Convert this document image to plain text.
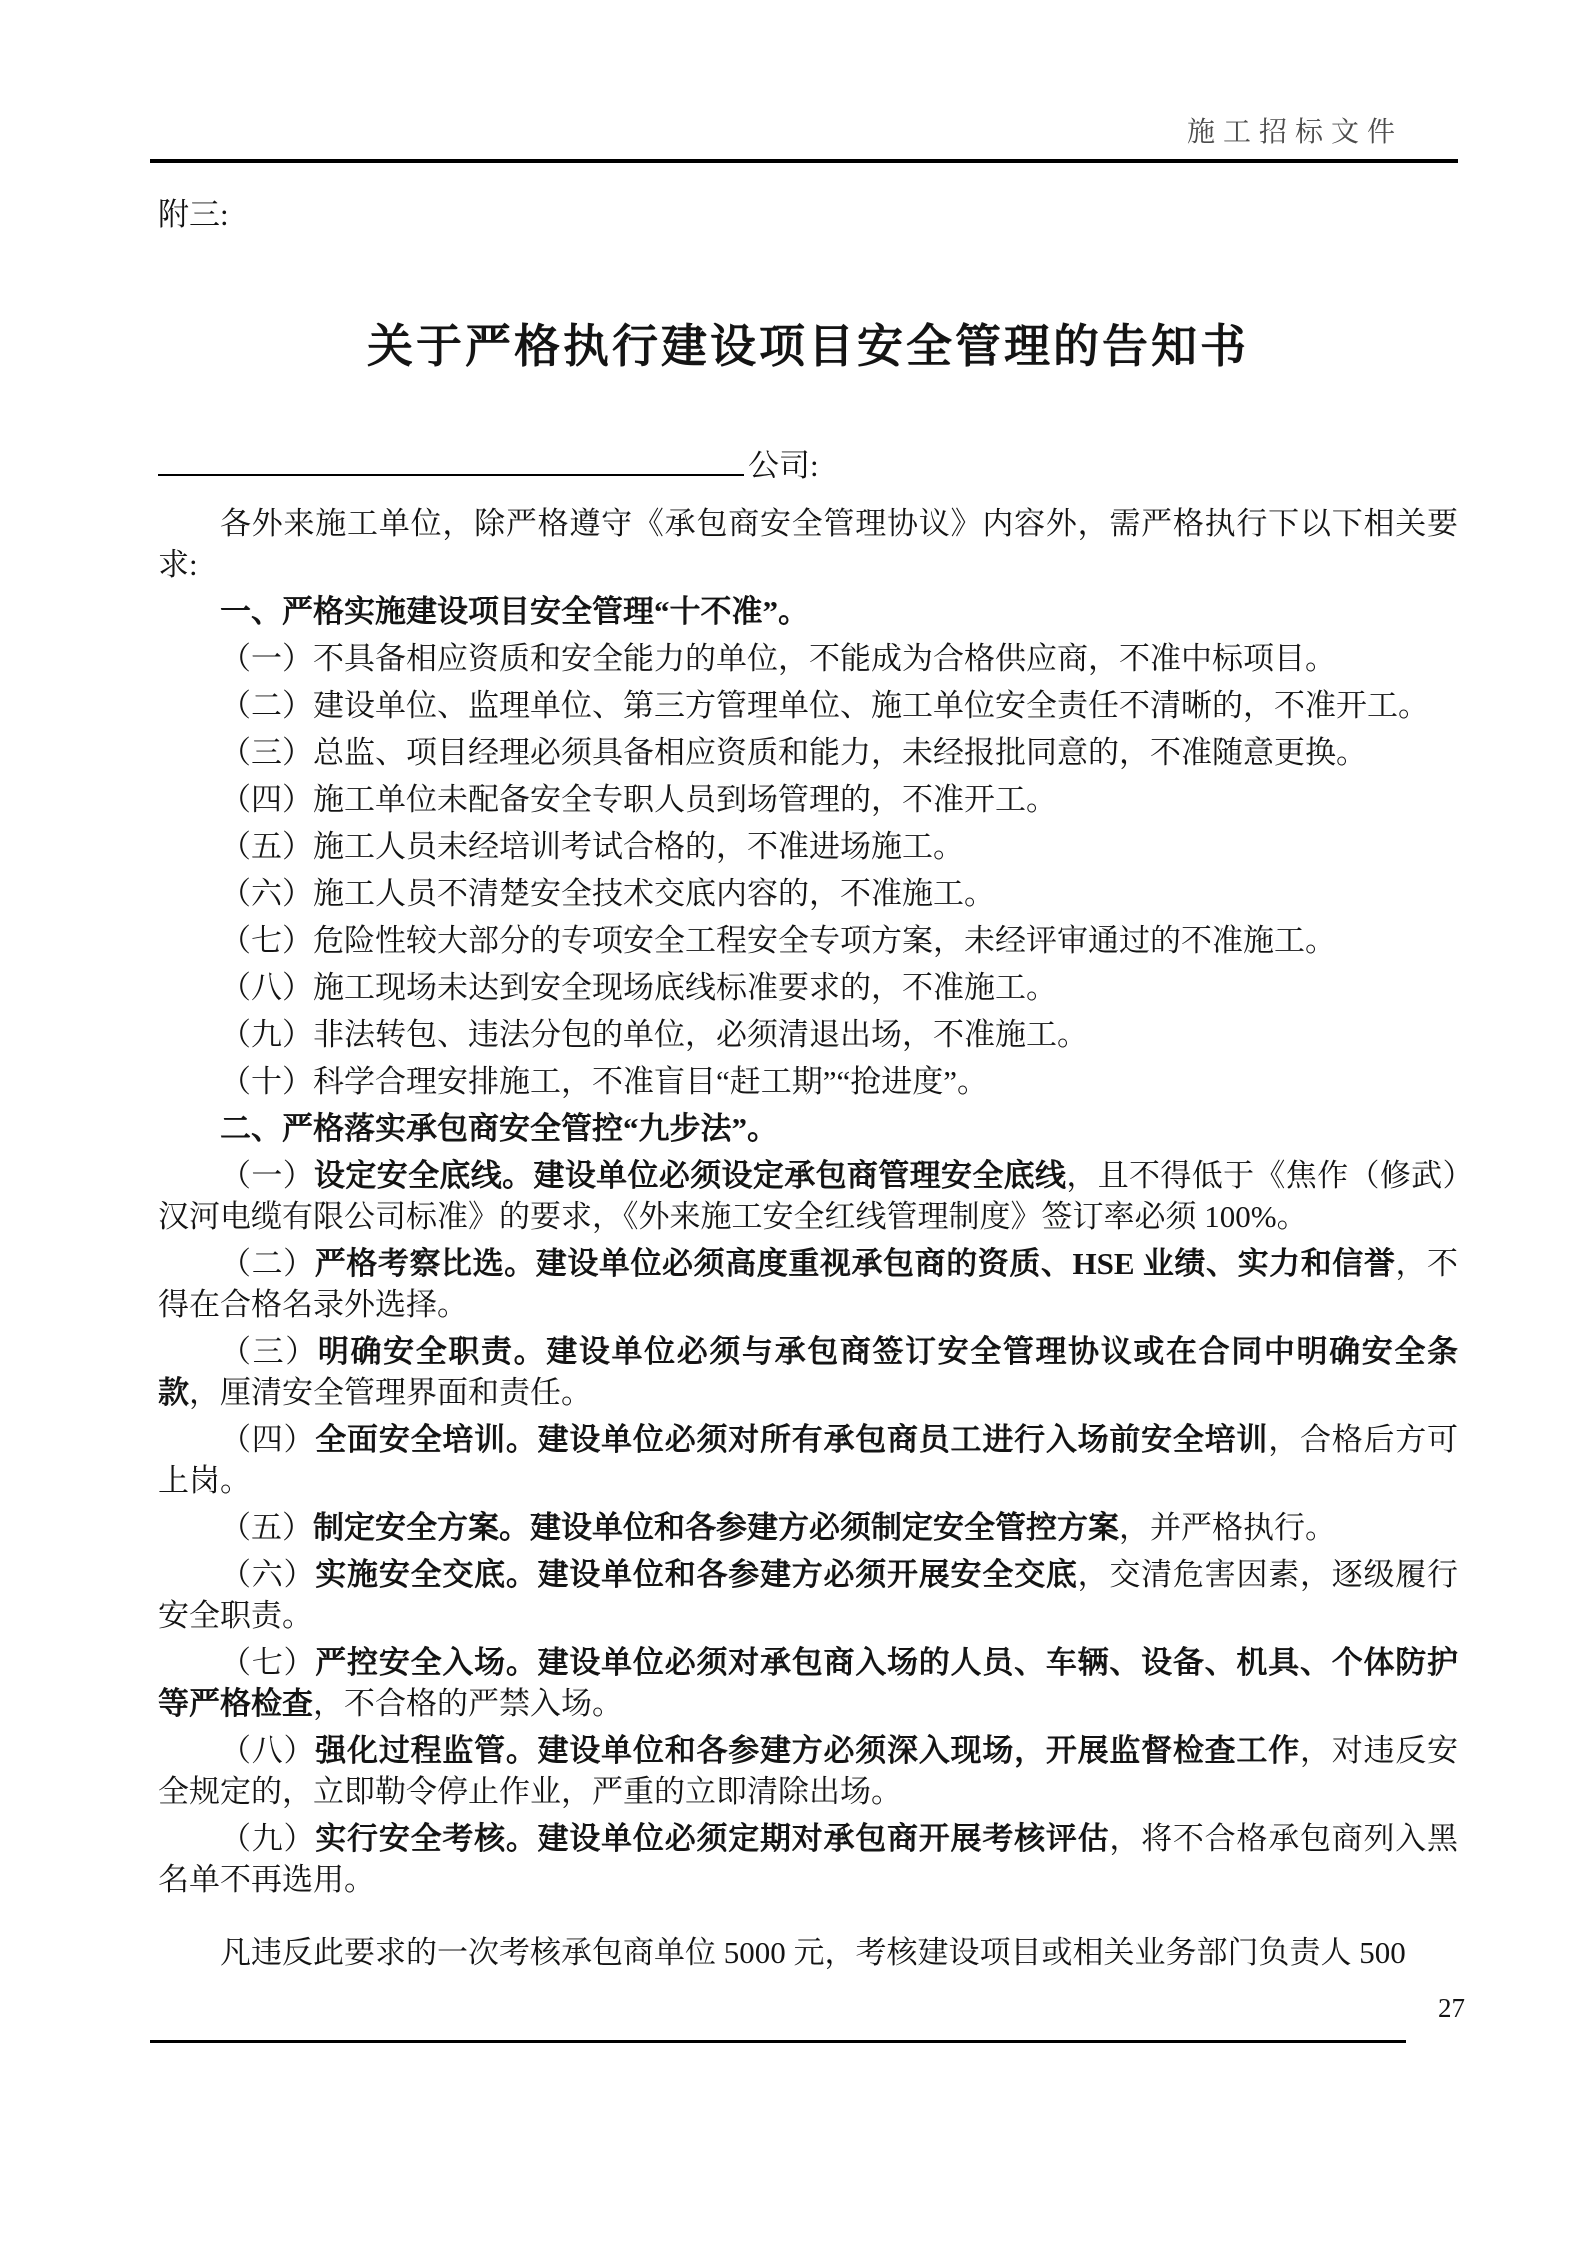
施工招标文件
附三:
关于严格执行建设项目安全管理的告知书
公司:

各外来施工单位，除严格遵守《承包商安全管理协议》内容外，需严格执行下以下相关要求:

一、严格实施建设项目安全管理“十不准”。

（一）不具备相应资质和安全能力的单位，不能成为合格供应商，不准中标项目。

（二）建设单位、监理单位、第三方管理单位、施工单位安全责任不清晰的，不准开工。

（三）总监、项目经理必须具备相应资质和能力，未经报批同意的，不准随意更换。

（四）施工单位未配备安全专职人员到场管理的，不准开工。

（五）施工人员未经培训考试合格的，不准进场施工。

（六）施工人员不清楚安全技术交底内容的，不准施工。

（七）危险性较大部分的专项安全工程安全专项方案，未经评审通过的不准施工。

（八）施工现场未达到安全现场底线标准要求的，不准施工。

（九）非法转包、违法分包的单位，必须清退出场，不准施工。

（十）科学合理安排施工，不准盲目“赶工期”“抢进度”。

二、严格落实承包商安全管控“九步法”。

（一）设定安全底线。建设单位必须设定承包商管理安全底线，且不得低于《焦作（修武）汉河电缆有限公司标准》的要求，《外来施工安全红线管理制度》签订率必须 100%。

（二）严格考察比选。建设单位必须高度重视承包商的资质、HSE 业绩、实力和信誉，不得在合格名录外选择。

（三）明确安全职责。建设单位必须与承包商签订安全管理协议或在合同中明确安全条款，厘清安全管理界面和责任。

（四）全面安全培训。建设单位必须对所有承包商员工进行入场前安全培训，合格后方可上岗。

（五）制定安全方案。建设单位和各参建方必须制定安全管控方案，并严格执行。

（六）实施安全交底。建设单位和各参建方必须开展安全交底，交清危害因素，逐级履行安全职责。

（七）严控安全入场。建设单位必须对承包商入场的人员、车辆、设备、机具、个体防护等严格检查，不合格的严禁入场。

（八）强化过程监管。建设单位和各参建方必须深入现场，开展监督检查工作，对违反安全规定的，立即勒令停止作业，严重的立即清除出场。

（九）实行安全考核。建设单位必须定期对承包商开展考核评估，将不合格承包商列入黑名单不再选用。

凡违反此要求的一次考核承包商单位 5000 元，考核建设项目或相关业务部门负责人 500

27
